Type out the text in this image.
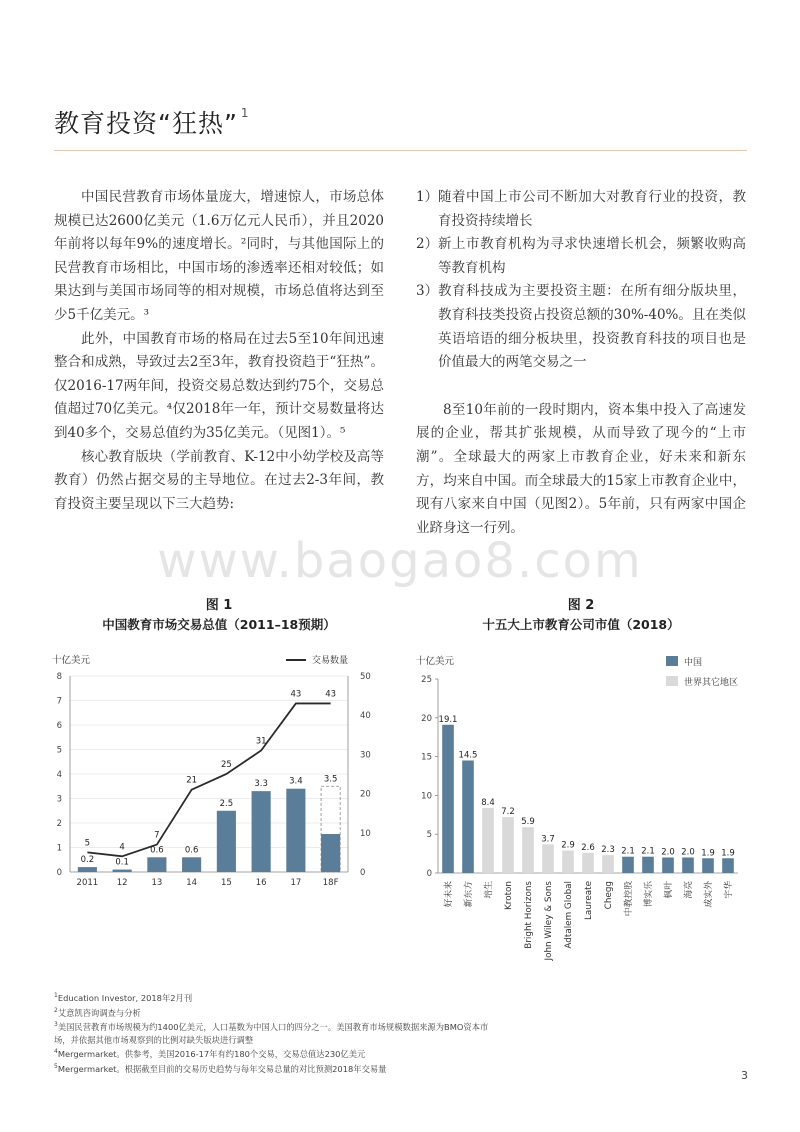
教育投资“狂热” $^1$

中国民营教育市场体量庞大，增速惊人，市场总体规模已达2600亿美元（1.6万亿元人民币），并且2020年前将以每年9%的速度增长。²同时，与其他国际上的民营教育市场相比，中国市场的渗透率还相对较低；如果达到与美国市场同等的相对规模，市场总值将达到至少5千亿美元。³

此外，中国教育市场的格局在过去5至10年间迅速整合和成熟，导致过去2至3年，教育投资趋于“狂热”。仅2016-17两年间，投资交易总数达到约75个，交易总值超过70亿美元。⁴仅2018年一年，预计交易数量将达到40多个，交易总值约为35亿美元。（见图1）。⁵

核心教育版块（学前教育、K-12中小幼学校及高等教育）仍然占据交易的主导地位。在过去2-3年间，教育投资主要呈现以下三大趋势:

1） 随着中国上市公司不断加大对教育行业的投资，教育投资持续增长
2） 新上市教育机构为寻求快速增长机会，频繁收购高等教育机构
3） 教育科技成为主要投资主题：在所有细分版块里，教育科技类投资占投资总额的30%-40%。且在类似英语培语的细分板块里，投资教育科技的项目也是价值最大的两笔交易之一

8至10年前的一段时期内，资本集中投入了高速发展的企业，帮其扩张规模，从而导致了现今的“上市潮”。全球最大的两家上市教育企业，好未来和新东方，均来自中国。而全球最大的15家上市教育企业中，现有八家来自中国（见图2）。5年前，只有两家中国企业跻身这一行列。

www.baogao8.com
图 1
中国教育市场交易总值（2011–18预期）
图 2
十五大上市教育公司市值（2018）
十亿美元
0
1
2
3
4
5
6
7
8
0
10
20
30
40
50
0.2
2011
0.1
12
0.6
13
0.6
14
2.5
15
3.3
16
3.4
17
3.5
18F
5	4
7
21
25
31
43	43
交易数量	十亿美元
0
5
10
15
20
25
中国
世界其它地区
19.1
好未来
14.5
新东方
8.4
培生
7.2
Kroton
5.9
Bright Horizons
3.7
John Wiley & Sons
2.9
Adtalem Global
2.6
Laureate
2.3
Chegg
2.1
中教控股
2.1
博实乐
2.0
枫叶
2.0
海亮
1.9
成实外
1.9
宇华
$^1$Education Investor, 2018年2月刊
$^2$艾意凯咨询调查与分析
$^3$美国民营教育市场规模为约1400亿美元，人口基数为中国人口的四分之一。美国教育市场规模数据来源为BMO资本市
场，并依据其他市场观察到的比例对缺失版块进行调整
$^4$Mergermarket。供参考，美国2016-17年有约180个交易，交易总值达230亿美元
$^5$Mergermarket。根据截至目前的交易历史趋势与每年交易总量的对比预测2018年交易量
3
